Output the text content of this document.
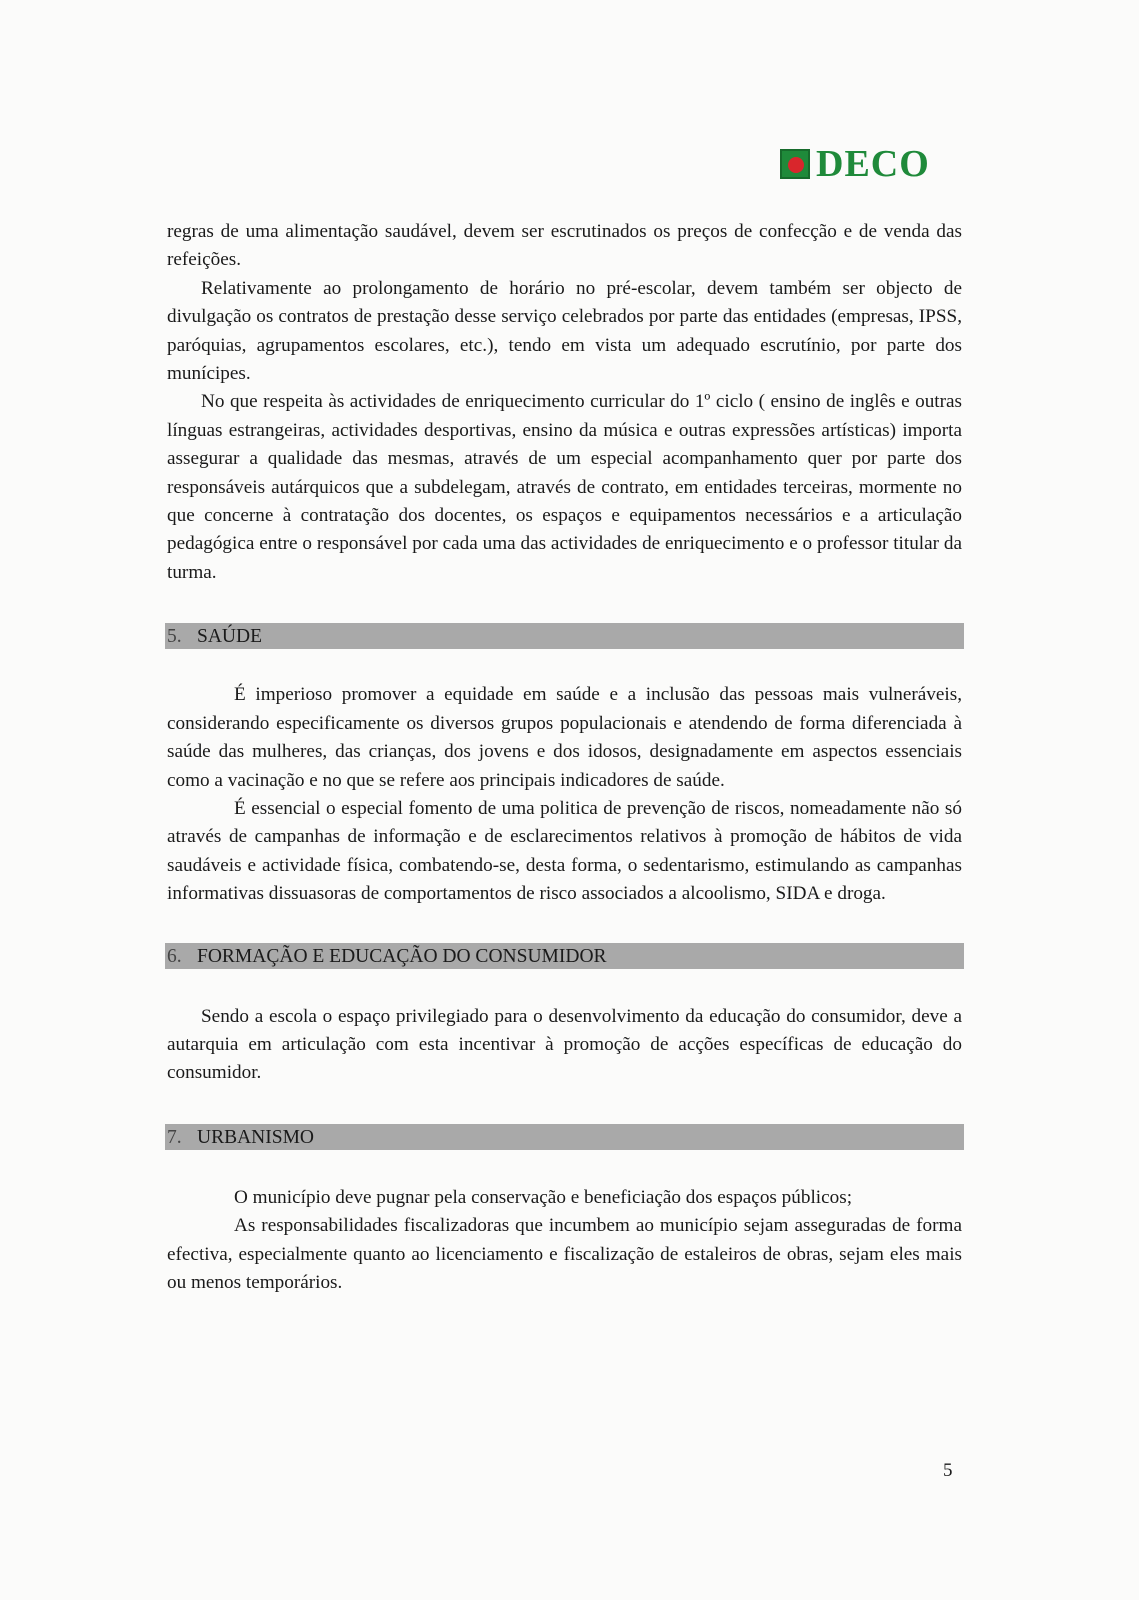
DECO

regras de uma alimentação saudável, devem ser escrutinados os preços de confecção e de venda das refeições.

Relativamente ao prolongamento de horário no pré-escolar, devem também ser objecto de divulgação os contratos de prestação desse serviço celebrados por parte das entidades (empresas, IPSS, paróquias, agrupamentos escolares, etc.), tendo em vista um adequado escrutínio, por parte dos munícipes.

No que respeita às actividades de enriquecimento curricular do 1º ciclo ( ensino de inglês e outras línguas estrangeiras, actividades desportivas, ensino da música e outras expressões artísticas) importa assegurar a qualidade das mesmas, através de um especial acompanhamento quer por parte dos responsáveis autárquicos que a subdelegam, através de contrato, em entidades terceiras, mormente no que concerne à contratação dos docentes, os espaços e equipamentos necessários e a articulação pedagógica entre o responsável por cada uma das actividades de enriquecimento e o professor titular da turma.

5. SAÚDE

É imperioso promover a equidade em saúde e a inclusão das pessoas mais vulneráveis, considerando especificamente os diversos grupos populacionais e atendendo de forma diferenciada à saúde das mulheres, das crianças, dos jovens e dos idosos, designadamente em aspectos essenciais como a vacinação e no que se refere aos principais indicadores de saúde.

É essencial o especial fomento de uma politica de prevenção de riscos, nomeadamente não só através de campanhas de informação e de esclarecimentos relativos à promoção de hábitos de vida saudáveis e actividade física, combatendo-se, desta forma, o sedentarismo, estimulando as campanhas informativas dissuasoras de comportamentos de risco associados a alcoolismo, SIDA e droga.

6. FORMAÇÃO E EDUCAÇÃO DO CONSUMIDOR

Sendo a escola o espaço privilegiado para o desenvolvimento da educação do consumidor, deve a autarquia em articulação com esta incentivar à promoção de acções específicas de educação do consumidor.

7. URBANISMO

O município deve pugnar pela conservação e beneficiação dos espaços públicos;

As responsabilidades fiscalizadoras que incumbem ao município sejam asseguradas de forma efectiva, especialmente quanto ao licenciamento e fiscalização de estaleiros de obras, sejam eles mais ou menos temporários.

5
